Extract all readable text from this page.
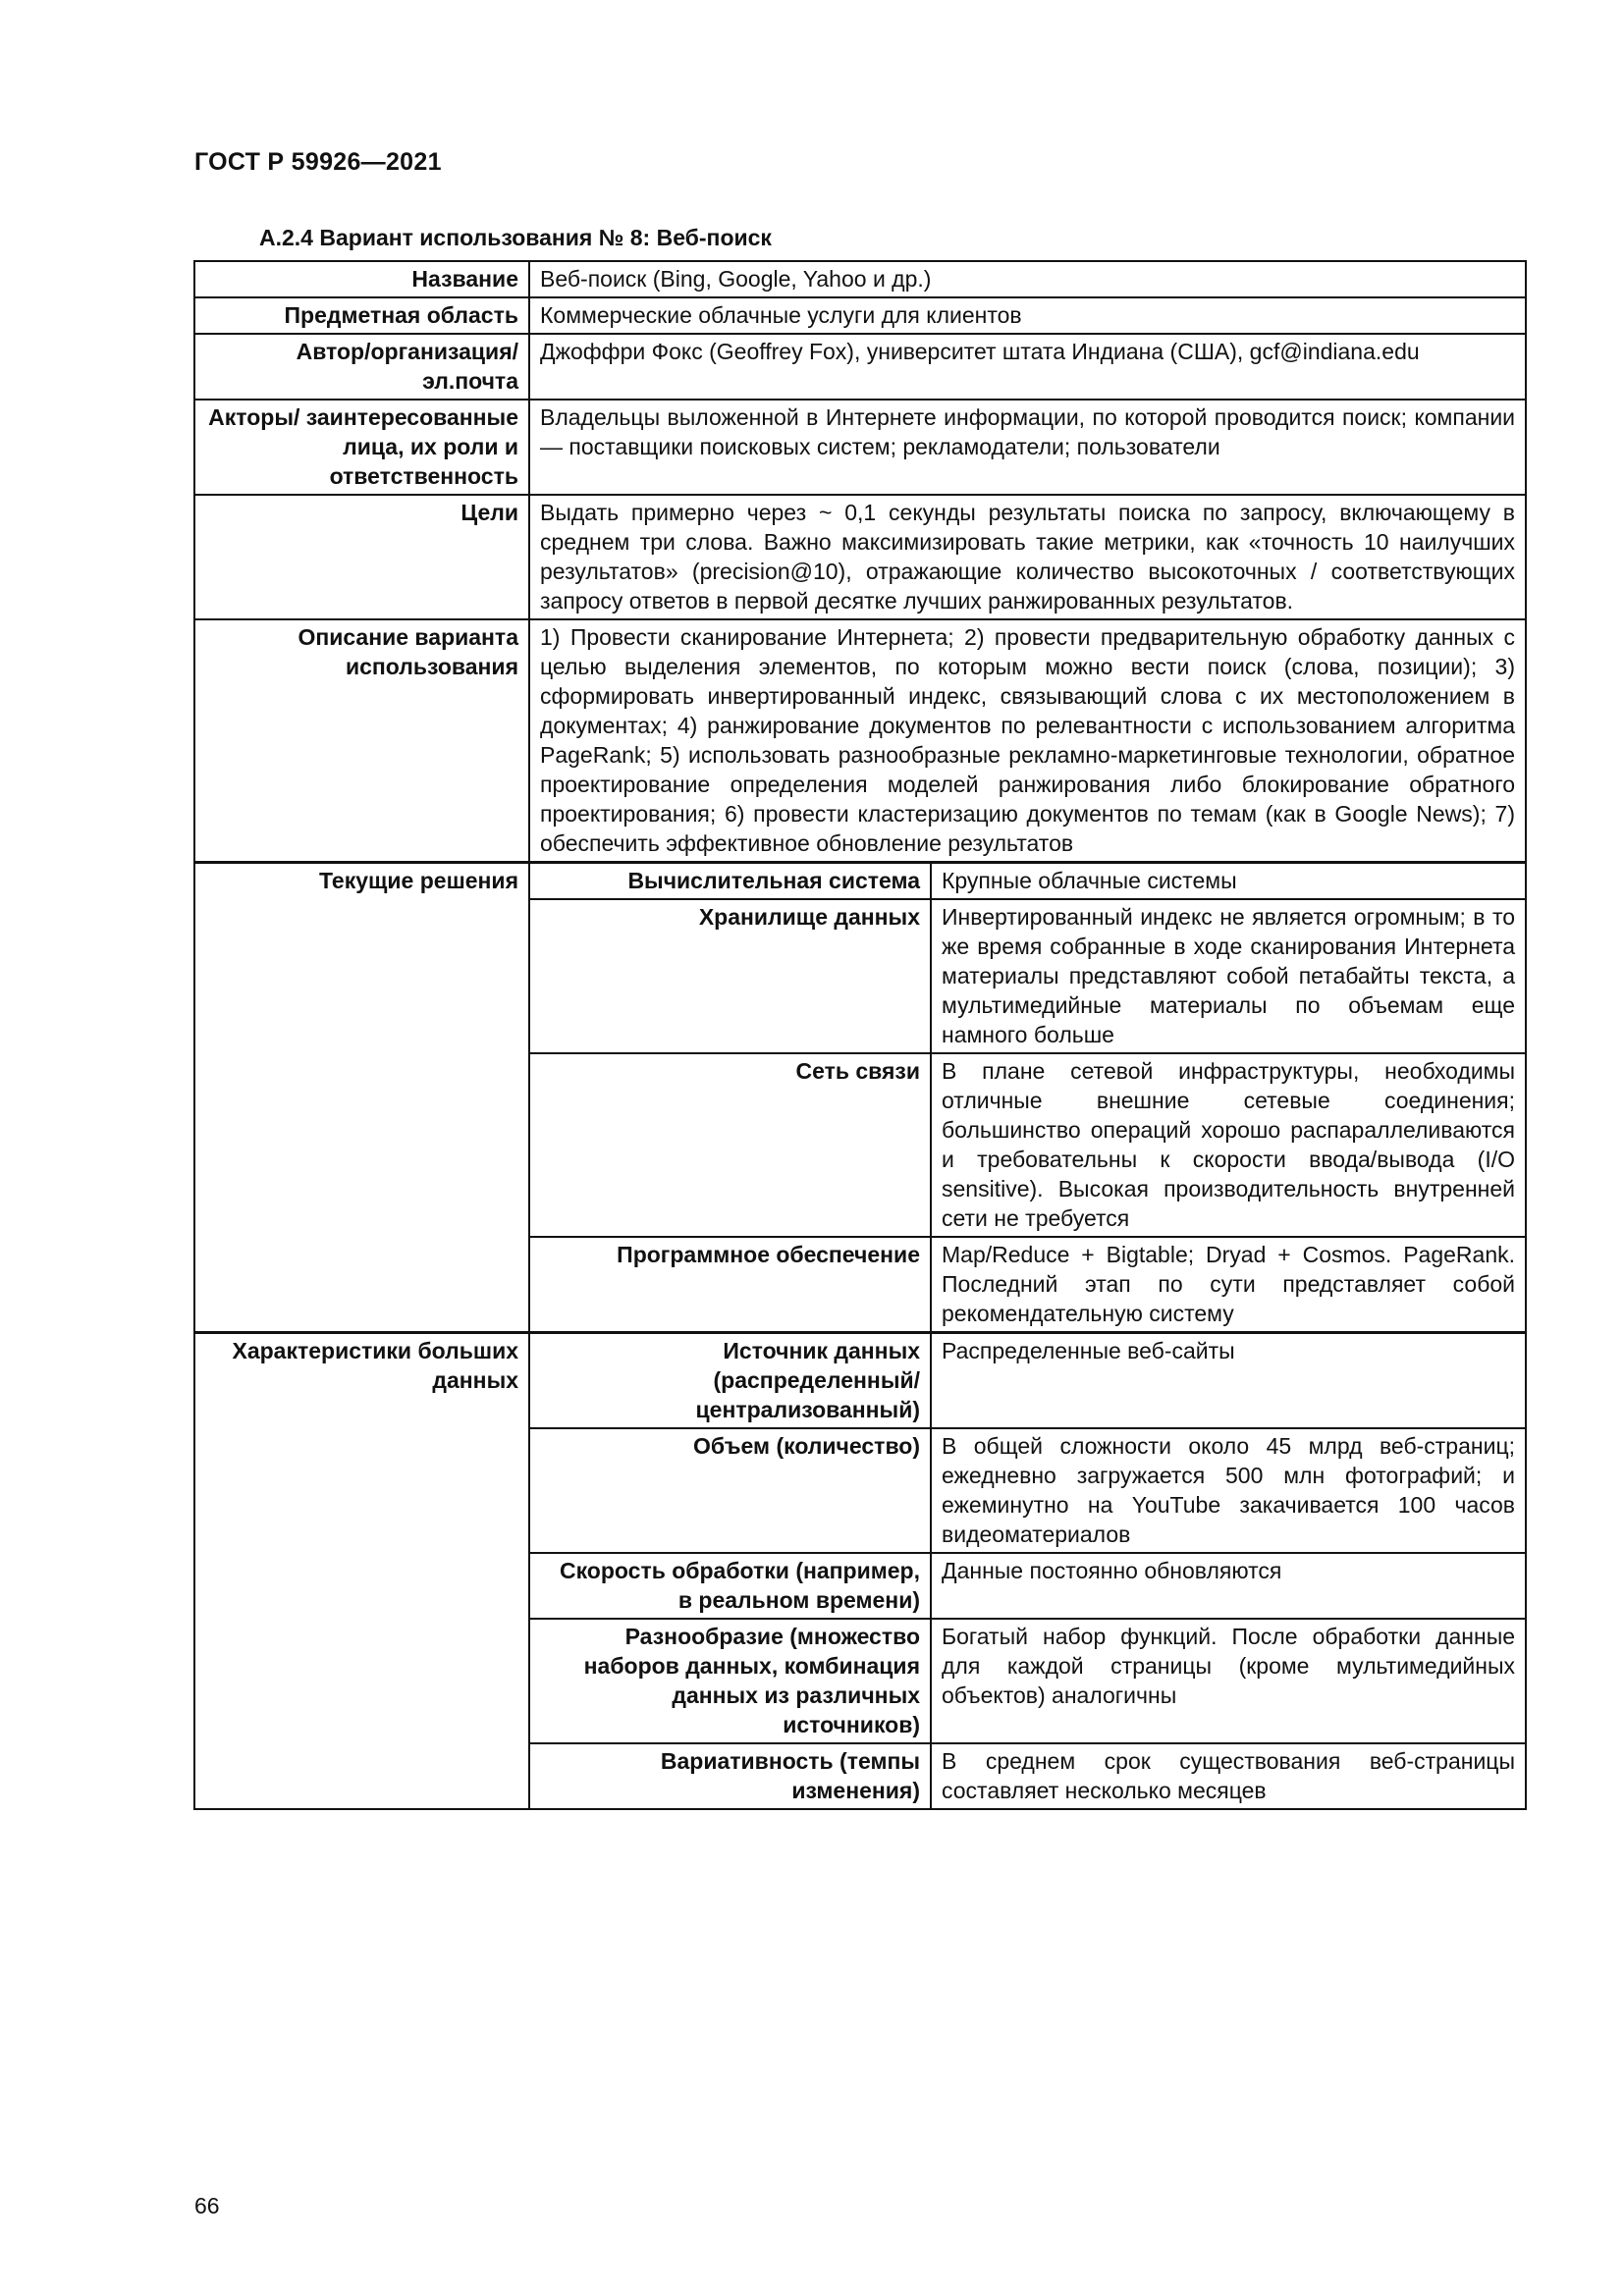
ГОСТ Р 59926—2021
А.2.4 Вариант использования № 8: Веб-поиск
Название	Веб-поиск (Bing, Google, Yahoo и др.)	
Предметная область	Коммерческие облачные услуги для клиентов	
Автор/организация/ эл.почта	Джоффри Фокс (Geoffrey Fox), университет штата Индиана (США), gcf@indiana.edu	
Акторы/ заинтересованные лица, их роли и ответственность	Владельцы выложенной в Интернете информации, по которой проводится поиск; компании — поставщики поисковых систем; рекламодатели; пользователи	
Цели	Выдать примерно через ~ 0,1 секунды результаты поиска по запросу, включающему в среднем три слова. Важно максимизировать такие метрики, как «точность 10 наилучших результатов» (precision@10), отражающие количество высокоточных / соответствующих запросу ответов в первой десятке лучших ранжированных результатов.	
Описание варианта использования	1) Провести сканирование Интернета; 2) провести предварительную обработку данных с целью выделения элементов, по которым можно вести поиск (слова, позиции); 3) сформировать инвертированный индекс, связывающий слова с их местоположением в документах; 4) ранжирование документов по релевантности с использованием алгоритма PageRank; 5) использовать разнообразные рекламно-маркетинговые технологии, обратное проектирование определения моделей ранжирования либо блокирование обратного проектирования; 6) провести кластеризацию документов по темам (как в Google News); 7) обеспечить эффективное обновление результатов	
Текущие решения	Вычислительная система	Крупные облачные системы
	Хранилище данных	Инвертированный индекс не является огромным; в то же время собранные в ходе сканирования Интернета материалы представляют собой петабайты текста, а мультимедийные материалы по объемам еще намного больше
	Сеть связи	В плане сетевой инфраструктуры, необходимы отличные внешние сетевые соединения; большинство операций хорошо распараллеливаются и требовательны к скорости ввода/вывода (I/O sensitive). Высокая производительность внутренней сети не требуется
	Программное обеспечение	Map/Reduce + Bigtable; Dryad + Cosmos. PageRank. Последний этап по сути представляет собой рекомендательную систему
Характеристики больших данных	Источник данных (распределенный/ централизованный)	Распределенные веб-сайты
	Объем (количество)	В общей сложности около 45 млрд веб-страниц; ежедневно загружается 500 млн фотографий; и ежеминутно на YouTube закачивается 100 часов видеоматериалов
	Скорость обработки (например, в реальном времени)	Данные постоянно обновляются
	Разнообразие (множество наборов данных, комбинация данных из различных источников)	Богатый набор функций. После обработки данные для каждой страницы (кроме мультимедийных объектов) аналогичны
	Вариативность (темпы изменения)	В среднем срок существования веб-страницы составляет несколько месяцев
66
